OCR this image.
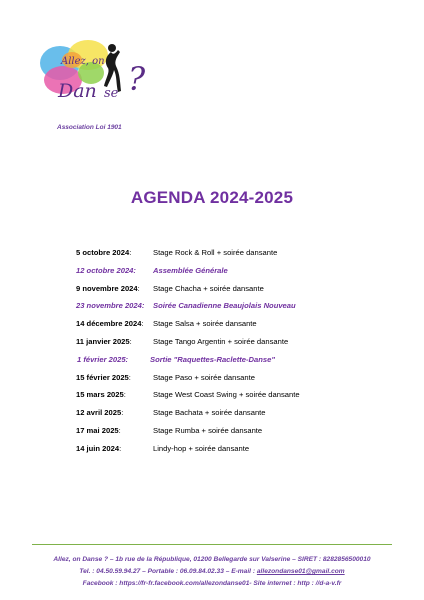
Allez, on
Dan se ?
Association Loi 1901
AGENDA 2024-2025
5 octobre 2024:	Stage Rock & Roll + soirée dansante
12 octobre 2024: Assemblée Générale
9 novembre 2024: Stage Chacha + soirée dansante
23 novembre 2024: Soirée Canadienne Beaujolais Nouveau
14 décembre 2024: Stage Salsa + soirée dansante
11 janvier 2025:	Stage Tango Argentin + soirée dansante
1 février 2025:	Sortie "Raquettes-Raclette-Danse"
15 février 2025:	Stage Paso + soirée dansante
15 mars 2025:	Stage West Coast Swing + soirée dansante
12 avril 2025:	Stage Bachata + soirée dansante
17 mai 2025:	Stage Rumba + soirée dansante
14 juin 2024:	Lindy-hop + soirée dansante
Allez, on Danse ? – 1b rue de la République, 01200 Bellegarde sur Valserine – SIRET : 8282856500010
Tel. : 04.50.59.94.27 – Portable : 06.09.84.02.33 – E-mail : allezondanse01@gmail.com
Facebook : https://fr-fr.facebook.com/allezondanse01- Site internet : http : //d-a-v.fr
